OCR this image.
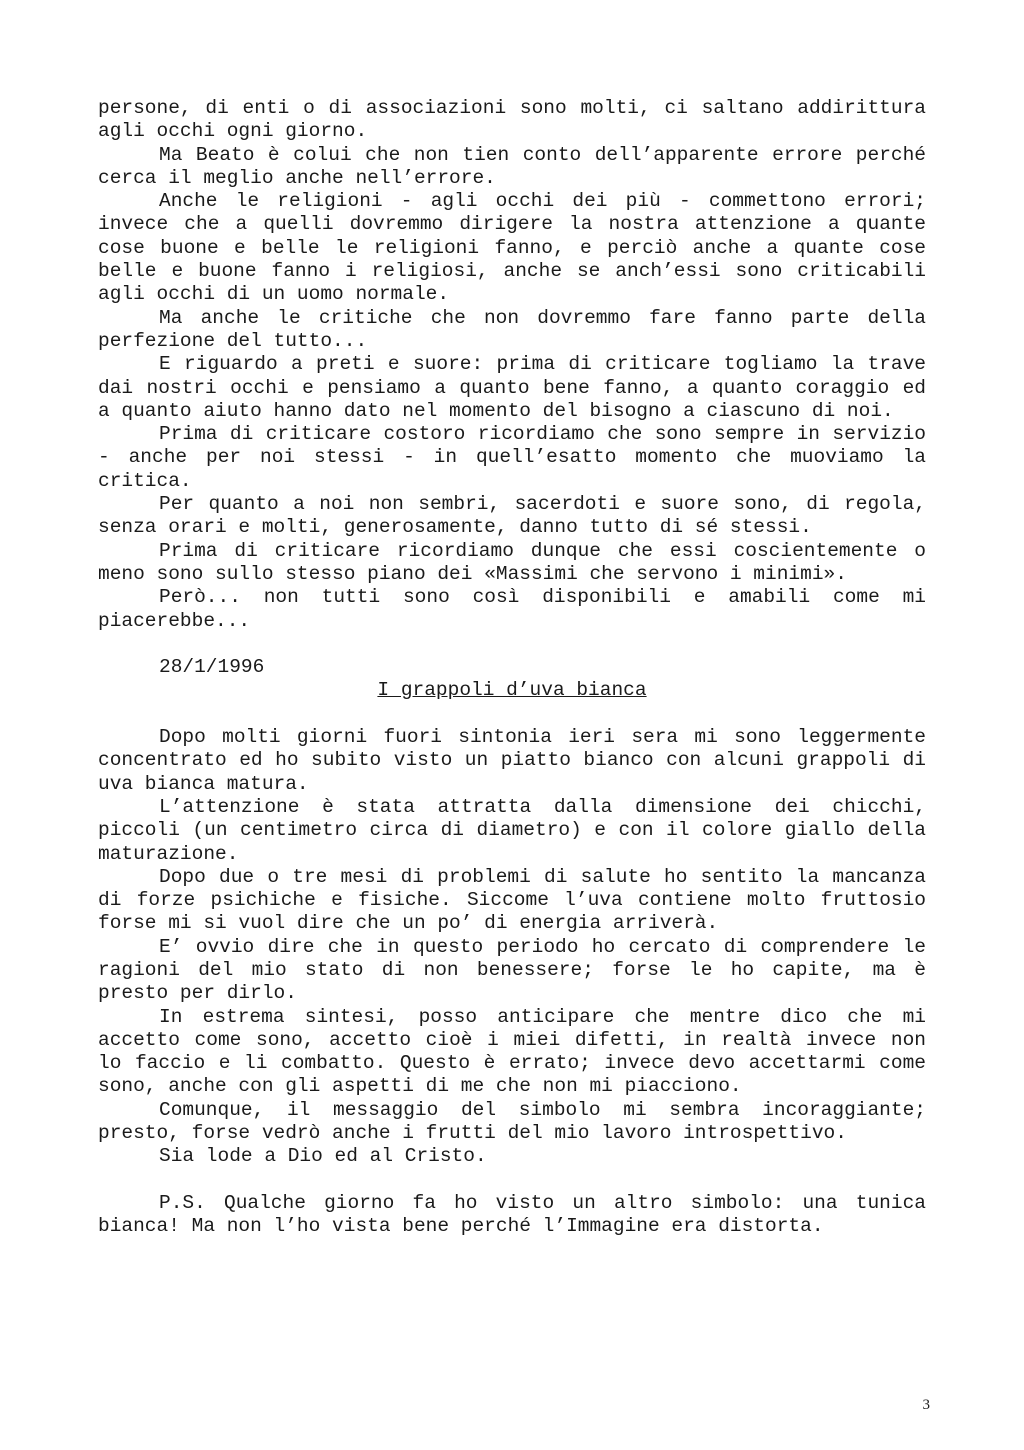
persone, di enti o di associazioni sono molti, ci saltano addirittura agli occhi ogni giorno.

Ma Beato è colui che non tien conto dell’apparente errore perché cerca il meglio anche nell’errore.

Anche le religioni - agli occhi dei più - commettono errori; invece che a quelli dovremmo dirigere la nostra attenzione a quante cose buone e belle le religioni fanno, e perciò anche a quante cose belle e buone fanno i religiosi, anche se anch’essi sono criticabili agli occhi di un uomo normale.

Ma anche le critiche che non dovremmo fare fanno parte della perfezione del tutto...

E riguardo a preti e suore: prima di criticare togliamo la trave dai nostri occhi e pensiamo a quanto bene fanno, a quanto coraggio ed a quanto aiuto hanno dato nel momento del bisogno a ciascuno di noi.

Prima di criticare costoro ricordiamo che sono sempre in servizio - anche per noi stessi - in quell’esatto momento che muoviamo la critica.

Per quanto a noi non sembri, sacerdoti e suore sono, di regola, senza orari e molti, generosamente, danno tutto di sé stessi.

Prima di criticare ricordiamo dunque che essi coscientemente o meno sono sullo stesso piano dei «Massimi che servono i minimi».

Però... non tutti sono così disponibili e amabili come mi piacerebbe...

28/1/1996

I grappoli d’uva bianca

Dopo molti giorni fuori sintonia ieri sera mi sono leggermente concentrato ed ho subito visto un piatto bianco con alcuni grappoli di uva bianca matura.

L’attenzione è stata attratta dalla dimensione dei chicchi, piccoli (un centimetro circa di diametro) e con il colore giallo della maturazione.

Dopo due o tre mesi di problemi di salute ho sentito la mancanza di forze psichiche e fisiche. Siccome l’uva contiene molto fruttosio forse mi si vuol dire che un po’ di energia arriverà.

E’ ovvio dire che in questo periodo ho cercato di comprendere le ragioni del mio stato di non benessere; forse le ho capite, ma è presto per dirlo.

In estrema sintesi, posso anticipare che mentre dico che mi accetto come sono, accetto cioè i miei difetti, in realtà invece non lo faccio e li combatto. Questo è errato; invece devo accettarmi come sono, anche con gli aspetti di me che non mi piacciono.

Comunque, il messaggio del simbolo mi sembra incoraggiante; presto, forse vedrò anche i frutti del mio lavoro introspettivo.

Sia lode a Dio ed al Cristo.

P.S. Qualche giorno fa ho visto un altro simbolo: una tunica bianca! Ma non l’ho vista bene perché l’Immagine era distorta.

3
